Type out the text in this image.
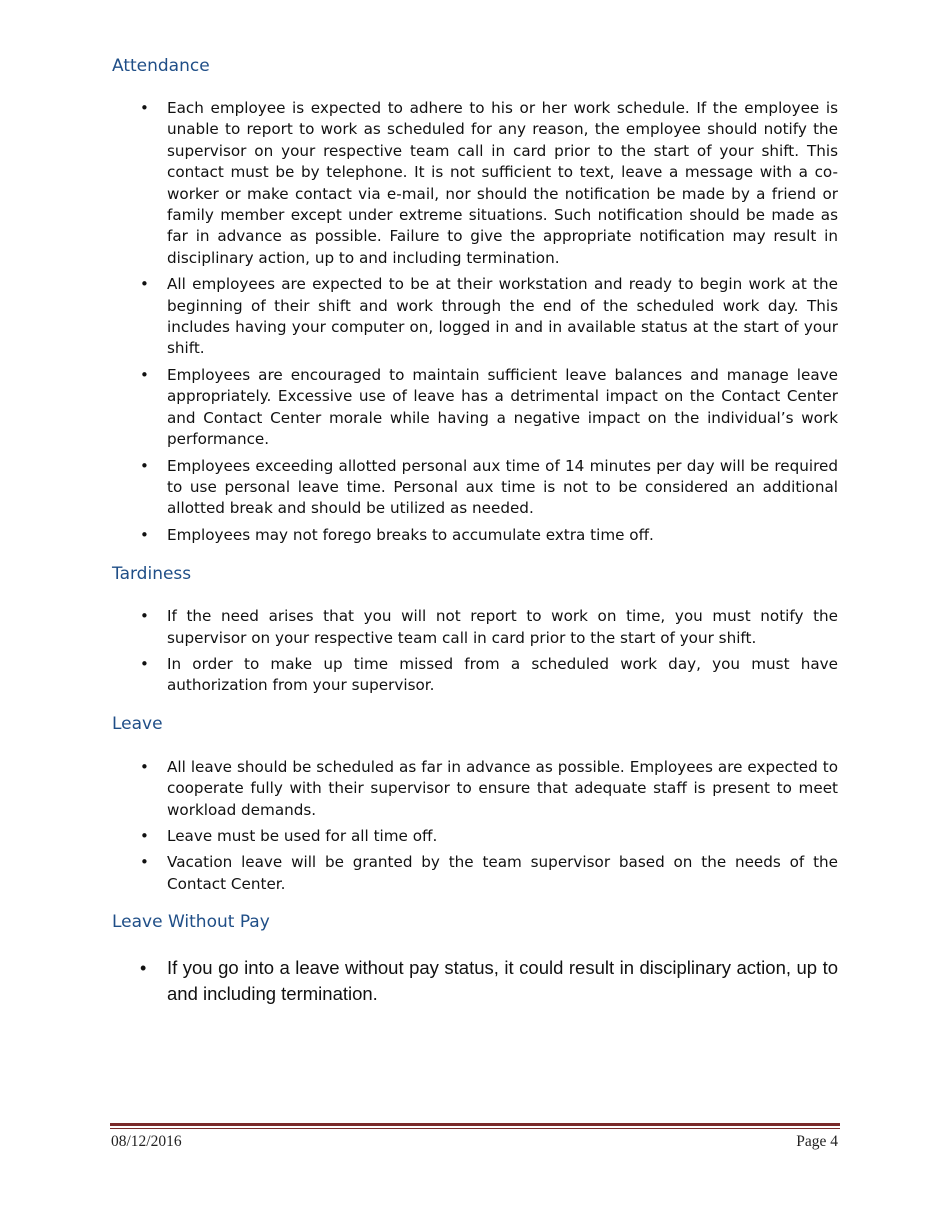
Attendance
• Each employee is expected to adhere to his or her work schedule. If the employee is unable to report to work as scheduled for any reason, the employee should notify the supervisor on your respective team call in card prior to the start of your shift. This contact must be by telephone. It is not sufficient to text, leave a message with a co-worker or make contact via e-mail, nor should the notification be made by a friend or family member except under extreme situations. Such notification should be made as far in advance as possible. Failure to give the appropriate notification may result in disciplinary action, up to and including termination.
• All employees are expected to be at their workstation and ready to begin work at the beginning of their shift and work through the end of the scheduled work day. This includes having your computer on, logged in and in available status at the start of your shift.
• Employees are encouraged to maintain sufficient leave balances and manage leave appropriately. Excessive use of leave has a detrimental impact on the Contact Center and Contact Center morale while having a negative impact on the individual’s work performance.
• Employees exceeding allotted personal aux time of 14 minutes per day will be required to use personal leave time. Personal aux time is not to be considered an additional allotted break and should be utilized as needed.
• Employees may not forego breaks to accumulate extra time off.
Tardiness
• If the need arises that you will not report to work on time, you must notify the supervisor on your respective team call in card prior to the start of your shift.
• In order to make up time missed from a scheduled work day, you must have authorization from your supervisor.
Leave
• All leave should be scheduled as far in advance as possible. Employees are expected to cooperate fully with their supervisor to ensure that adequate staff is present to meet workload demands.
• Leave must be used for all time off.
• Vacation leave will be granted by the team supervisor based on the needs of the Contact Center.
Leave Without Pay
• If you go into a leave without pay status, it could result in disciplinary action, up to and including termination.
08/12/2016	Page 4
